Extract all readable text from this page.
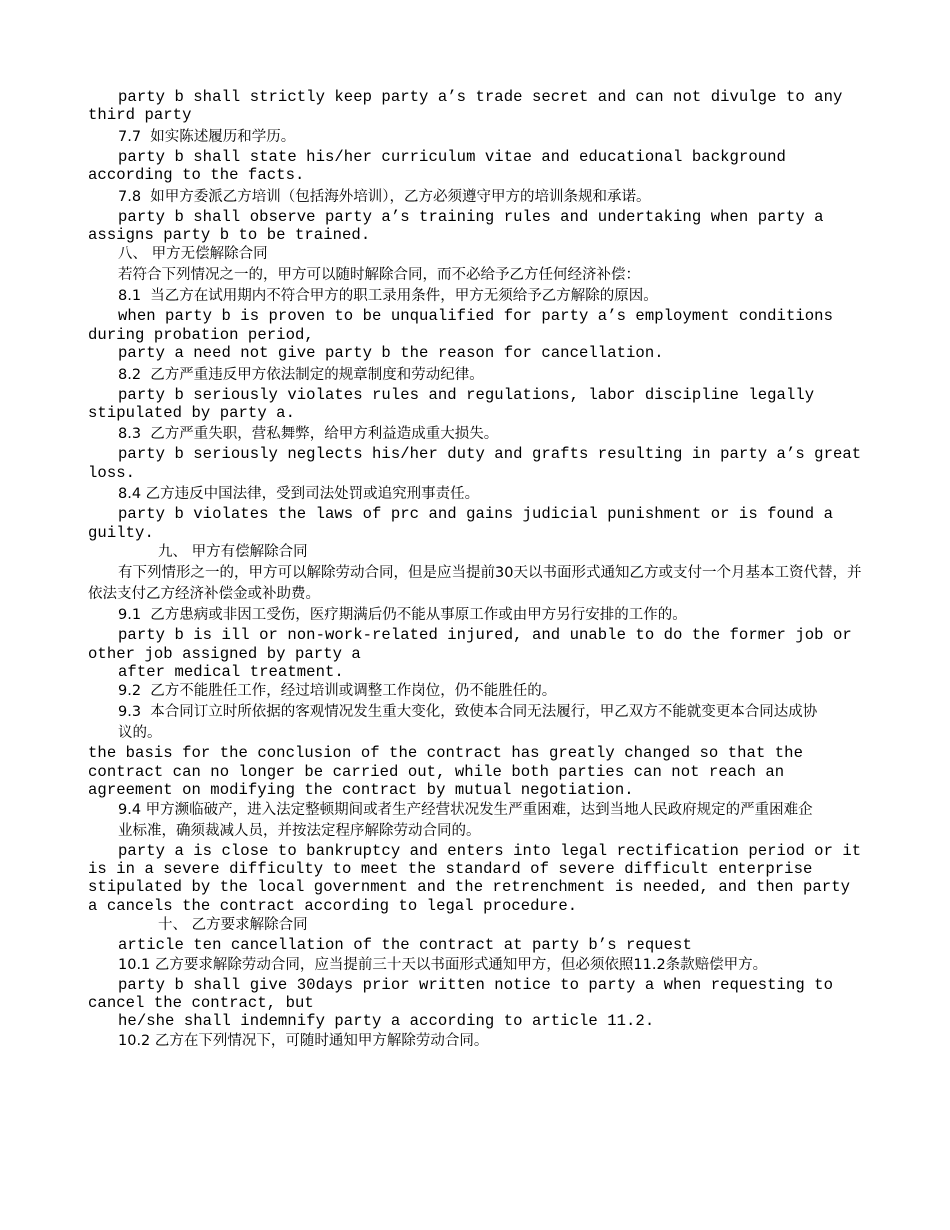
party b shall strictly keep party a’s trade secret and can not divulge to any third party

7.7  如实陈述履历和学历。

party b shall state his/her curriculum vitae and educational background according to the facts.

7.8  如甲方委派乙方培训（包括海外培训），乙方必须遵守甲方的培训条规和承诺。

party b shall observe party a’s training rules and undertaking when party a assigns party b to be trained.

八、 甲方无偿解除合同

若符合下列情况之一的，甲方可以随时解除合同，而不必给予乙方任何经济补偿：

8.1  当乙方在试用期内不符合甲方的职工录用条件，甲方无须给予乙方解除的原因。

when party b is proven to be unqualified for party a’s employment conditions during probation period,

party a need not give party b the reason for cancellation.

8.2  乙方严重违反甲方依法制定的规章制度和劳动纪律。

party b seriously violates rules and regulations, labor discipline legally stipulated by party a.

8.3  乙方严重失职，营私舞弊，给甲方利益造成重大损失。

party b seriously neglects his/her duty and grafts resulting in party a’s great loss.

8.4 乙方违反中国法律，受到司法处罚或追究刑事责任。

party b violates the laws of prc and gains judicial punishment or is found a guilty.

九、 甲方有偿解除合同

有下列情形之一的，甲方可以解除劳动合同，但是应当提前30天以书面形式通知乙方或支付一个月基本工资代替，并依法支付乙方经济补偿金或补助费。

9.1  乙方患病或非因工受伤，医疗期满后仍不能从事原工作或由甲方另行安排的工作的。

party b is ill or non-work-related injured, and unable to do the former job or other job assigned by party a

after medical treatment.

9.2  乙方不能胜任工作，经过培训或调整工作岗位，仍不能胜任的。

9.3  本合同订立时所依据的客观情况发生重大变化，致使本合同无法履行，甲乙双方不能就变更本合同达成协

议的。

the basis for the conclusion of the contract has greatly changed so that the contract can no longer be carried out, while both parties can not reach an agreement on modifying the contract by mutual negotiation.

9.4 甲方濒临破产，进入法定整顿期间或者生产经营状况发生严重困难，达到当地人民政府规定的严重困难企

业标准，确须裁减人员，并按法定程序解除劳动合同的。

party a is close to bankruptcy and enters into legal rectification period or it is in a severe difficulty to meet the standard of severe difficult enterprise stipulated by the local government and the retrenchment is needed, and then party a cancels the contract according to legal procedure.

十、 乙方要求解除合同

article ten cancellation of the contract at party b’s request

10.1 乙方要求解除劳动合同，应当提前三十天以书面形式通知甲方，但必须依照11.2条款赔偿甲方。

party b shall give 30days prior written notice to party a when requesting to cancel the contract, but

he/she shall indemnify party a according to article 11.2.

10.2 乙方在下列情况下，可随时通知甲方解除劳动合同。
